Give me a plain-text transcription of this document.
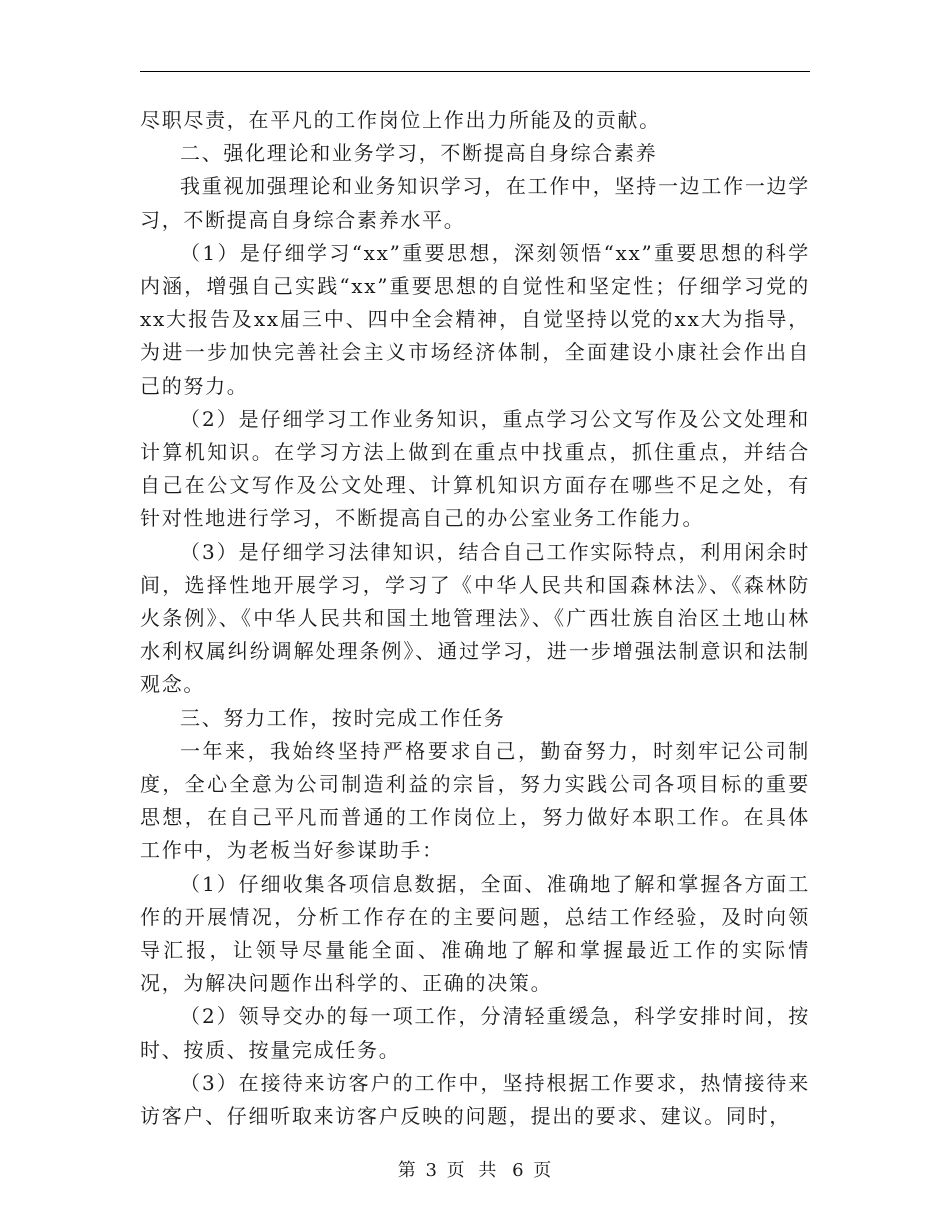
尽职尽责，在平凡的工作岗位上作出力所能及的贡献。

二、强化理论和业务学习，不断提高自身综合素养

我重视加强理论和业务知识学习，在工作中，坚持一边工作一边学习，不断提高自身综合素养水平。

（1）是仔细学习“xx”重要思想，深刻领悟“xx”重要思想的科学内涵，增强自己实践“xx”重要思想的自觉性和坚定性；仔细学习党的xx大报告及xx届三中、四中全会精神，自觉坚持以党的xx大为指导，为进一步加快完善社会主义市场经济体制，全面建设小康社会作出自己的努力。

（2）是仔细学习工作业务知识，重点学习公文写作及公文处理和计算机知识。在学习方法上做到在重点中找重点，抓住重点，并结合自己在公文写作及公文处理、计算机知识方面存在哪些不足之处，有针对性地进行学习，不断提高自己的办公室业务工作能力。

（3）是仔细学习法律知识，结合自己工作实际特点，利用闲余时间，选择性地开展学习，学习了《中华人民共和国森林法》、《森林防火条例》、《中华人民共和国土地管理法》、《广西壮族自治区土地山林水利权属纠纷调解处理条例》、通过学习，进一步增强法制意识和法制观念。

三、努力工作，按时完成工作任务

一年来，我始终坚持严格要求自己，勤奋努力，时刻牢记公司制度，全心全意为公司制造利益的宗旨，努力实践公司各项目标的重要思想，在自己平凡而普通的工作岗位上，努力做好本职工作。在具体工作中，为老板当好参谋助手：

（1）仔细收集各项信息数据，全面、准确地了解和掌握各方面工作的开展情况，分析工作存在的主要问题，总结工作经验，及时向领导汇报，让领导尽量能全面、准确地了解和掌握最近工作的实际情况，为解决问题作出科学的、正确的决策。

（2）领导交办的每一项工作，分清轻重缓急，科学安排时间，按时、按质、按量完成任务。

（3）在接待来访客户的工作中，坚持根据工作要求，热情接待来访客户、仔细听取来访客户反映的问题，提出的要求、建议。同时，

第 3 页 共 6 页
